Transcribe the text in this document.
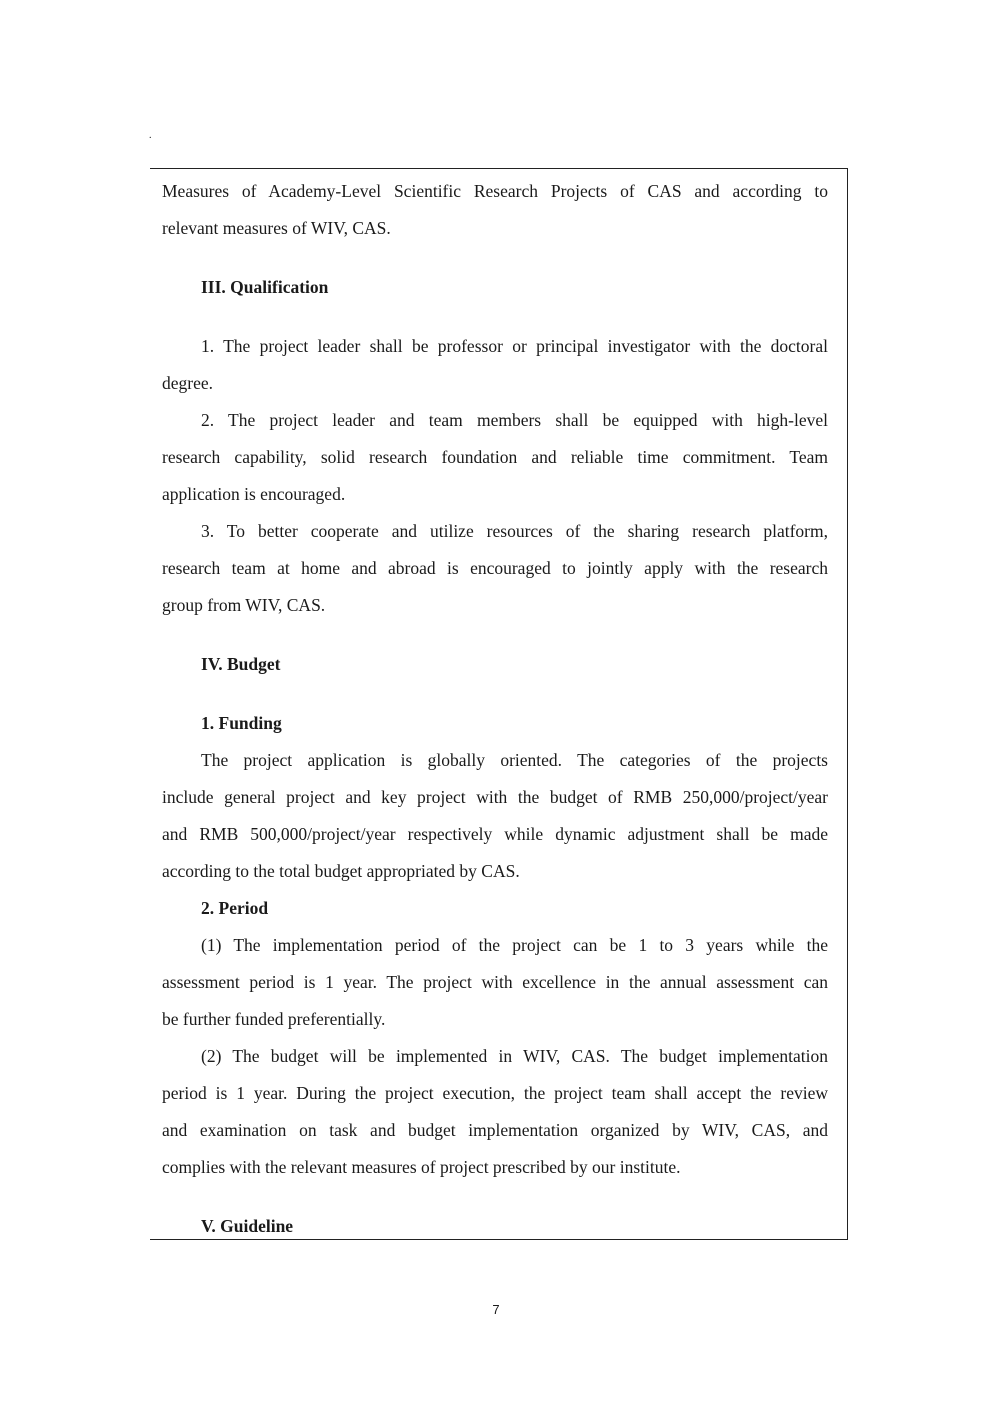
.
Measures of Academy-Level Scientific Research Projects of CAS and according to
relevant measures of WIV, CAS.
III. Qualification
1. The project leader shall be professor or principal investigator with the doctoral
degree.
2. The project leader and team members shall be equipped with high-level
research capability, solid research foundation and reliable time commitment. Team
application is encouraged.
3. To better cooperate and utilize resources of the sharing research platform,
research team at home and abroad is encouraged to jointly apply with the research
group from WIV, CAS.
IV. Budget
1. Funding
The project application is globally oriented. The categories of the projects
include general project and key project with the budget of RMB 250,000/project/year
and RMB 500,000/project/year respectively while dynamic adjustment shall be made
according to the total budget appropriated by CAS.
2. Period
(1) The implementation period of the project can be 1 to 3 years while the
assessment period is 1 year. The project with excellence in the annual assessment can
be further funded preferentially.
(2) The budget will be implemented in WIV, CAS. The budget implementation
period is 1 year. During the project execution, the project team shall accept the review
and examination on task and budget implementation organized by WIV, CAS, and
complies with the relevant measures of project prescribed by our institute.
V. Guideline
7
